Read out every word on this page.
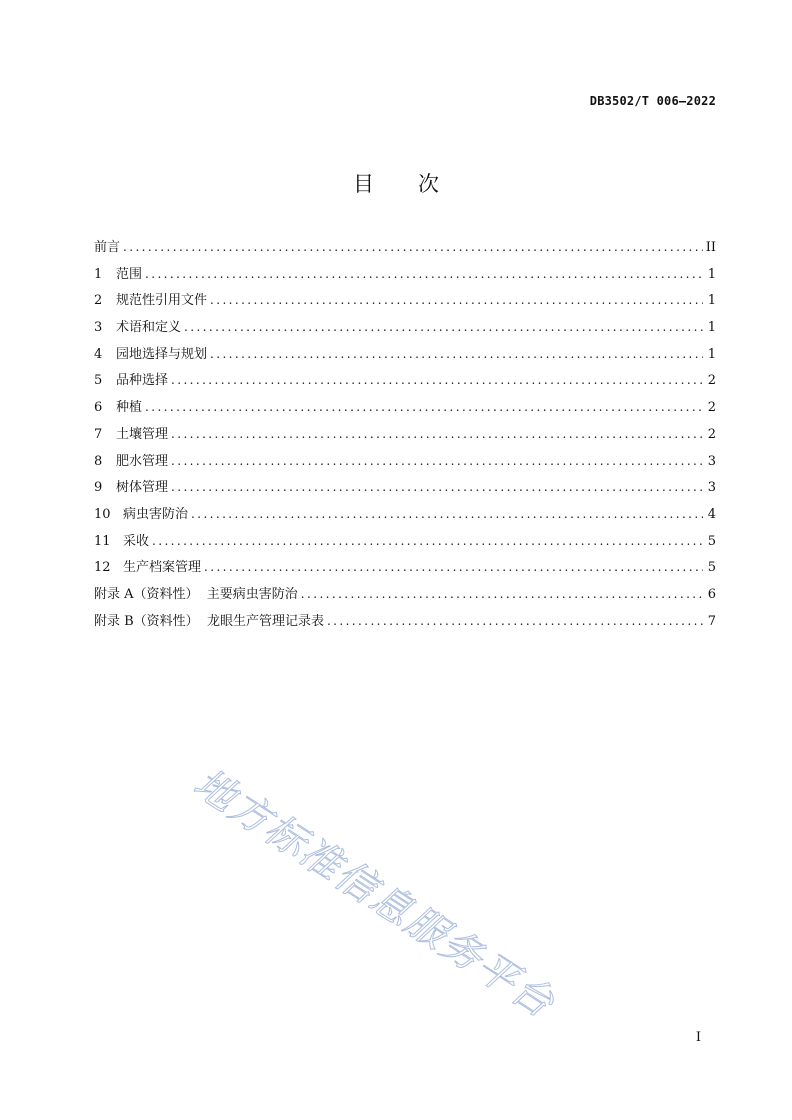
DB3502/T 006—2022
目次
前言 .....	II
1	范围 .....	1
2	规范性引用文件 .....	1
3	术语和定义 .....	1
4	园地选择与规划 .....	1
5	品种选择 .....	2
6	种植 .....	2
7	土壤管理 .....	2
8	肥水管理 .....	3
9	树体管理 .....	3
10 病虫害防治 .....	4
11 采收 .....	5
12 生产档案管理 .....	5
附录 A（资料性）  主要病虫害防治 .....	6
附录 B（资料性）  龙眼生产管理记录表 .....	7
地方标准信息服务平台
I
